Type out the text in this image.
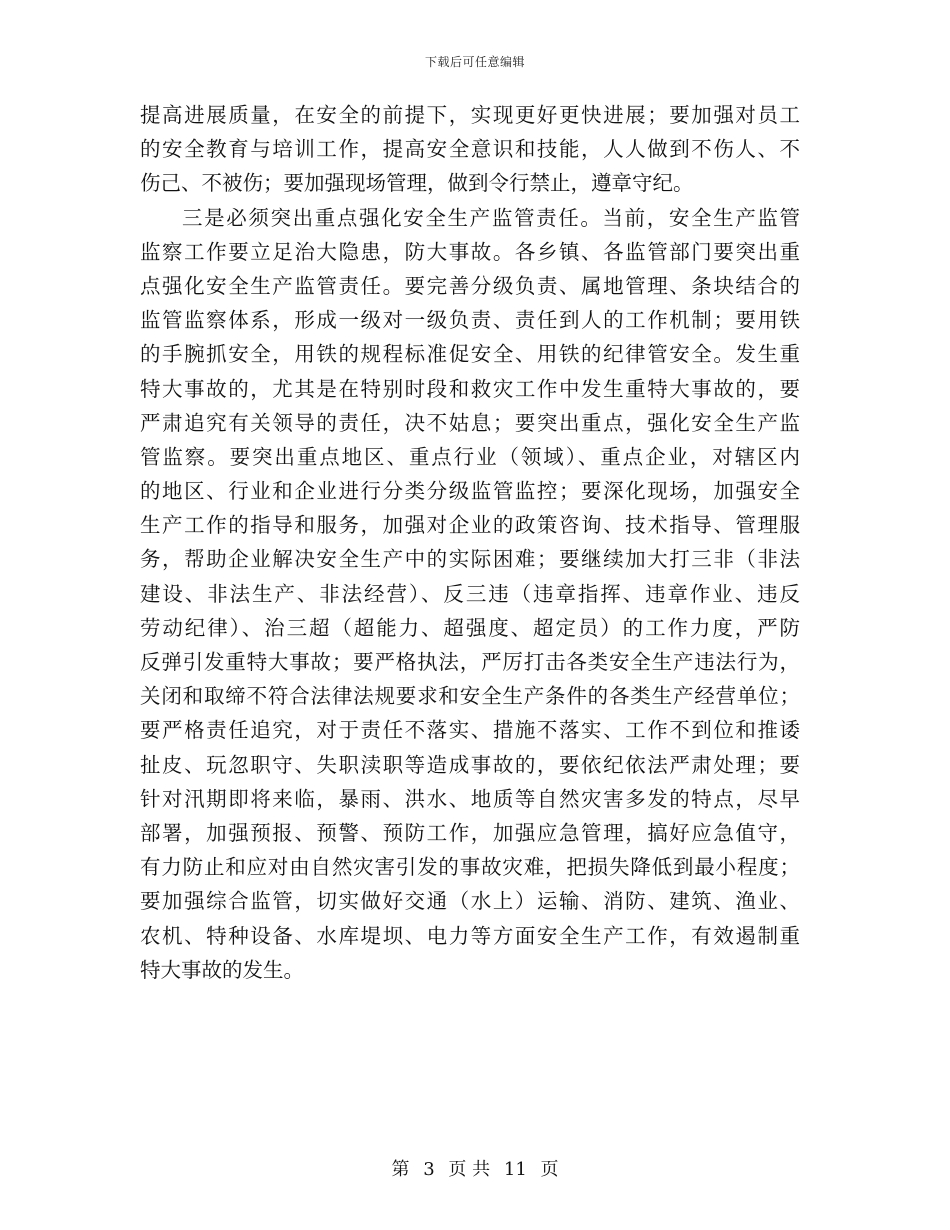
下载后可任意编辑
提高进展质量，在安全的前提下，实现更好更快进展；要加强对员工
的安全教育与培训工作，提高安全意识和技能，人人做到不伤人、不
伤己、不被伤；要加强现场管理，做到令行禁止，遵章守纪。
三是必须突出重点强化安全生产监管责任。当前，安全生产监管
监察工作要立足治大隐患，防大事故。各乡镇、各监管部门要突出重
点强化安全生产监管责任。要完善分级负责、属地管理、条块结合的
监管监察体系，形成一级对一级负责、责任到人的工作机制；要用铁
的手腕抓安全，用铁的规程标准促安全、用铁的纪律管安全。发生重
特大事故的，尤其是在特别时段和救灾工作中发生重特大事故的，要
严肃追究有关领导的责任，决不姑息；要突出重点，强化安全生产监
管监察。要突出重点地区、重点行业（领域）、重点企业，对辖区内
的地区、行业和企业进行分类分级监管监控；要深化现场，加强安全
生产工作的指导和服务，加强对企业的政策咨询、技术指导、管理服
务，帮助企业解决安全生产中的实际困难；要继续加大打三非（非法
建设、非法生产、非法经营）、反三违（违章指挥、违章作业、违反
劳动纪律）、治三超（超能力、超强度、超定员）的工作力度，严防
反弹引发重特大事故；要严格执法，严厉打击各类安全生产违法行为，
关闭和取缔不符合法律法规要求和安全生产条件的各类生产经营单位；
要严格责任追究，对于责任不落实、措施不落实、工作不到位和推诿
扯皮、玩忽职守、失职渎职等造成事故的，要依纪依法严肃处理；要
针对汛期即将来临，暴雨、洪水、地质等自然灾害多发的特点，尽早
部署，加强预报、预警、预防工作，加强应急管理，搞好应急值守，
有力防止和应对由自然灾害引发的事故灾难，把损失降低到最小程度；
要加强综合监管，切实做好交通（水上）运输、消防、建筑、渔业、
农机、特种设备、水库堤坝、电力等方面安全生产工作，有效遏制重
特大事故的发生。
第 3 页 共 11 页
